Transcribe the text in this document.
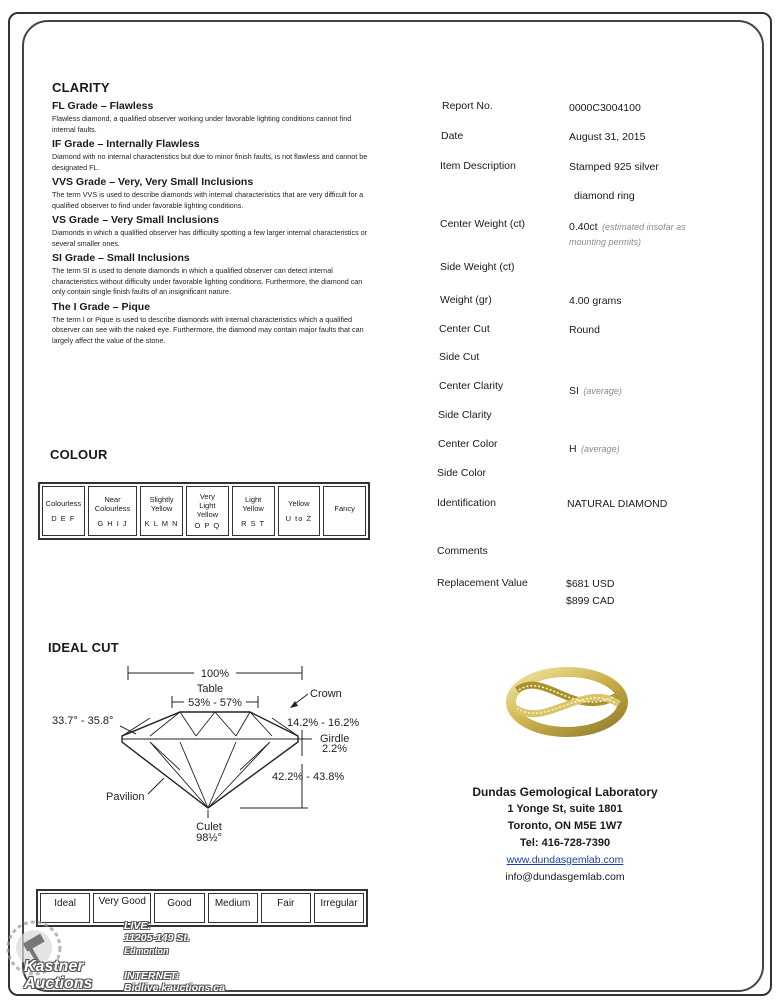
CLARITY

FL Grade – Flawless

Flawless diamond, a qualified observer working under favorable lighting conditions cannot find internal faults.

IF Grade – Internally Flawless

Diamond with no internal characteristics but due to minor finish faults, is not flawless and cannot be designated FL.

VVS Grade – Very, Very Small Inclusions

The term VVS is used to describe diamonds with internal characteristics that are very difficult for a qualified observer to find under favorable lighting conditions.

VS Grade – Very Small Inclusions

Diamonds in which a qualified observer has difficulty spotting a few larger internal characteristics or several smaller ones.

SI Grade – Small Inclusions

The term SI is used to denote diamonds in which a qualified observer can detect internal characteristics without difficulty under favorable lighting conditions. Furthermore, the diamond can only contain single finish faults of an insignificant nature.

The I Grade – Pique

The term I or Pique is used to describe diamonds with internal characteristics which a qualified observer can see with the naked eye. Furthermore, the diamond may contain major faults that can largely affect the value of the stone.

COLOUR
Colourless
D E F
Near Colourless
G H I J
Slightly Yellow
K L M N
Very Light Yellow
O P Q
Light Yellow
R S T
Yellow
U to Z
Fancy
IDEAL CUT
100%
Table
53% - 57%
Crown
33.7° - 35.8°	14.2% - 16.2%
Girdle
2.2%
42.2% - 43.8%
Pavilion
Culet
98½°
Ideal	Very Good	Good	Medium	Fair	Irregular
Report No.	0000C3004100
Date	August 31, 2015
Item Description	Stamped 925 silver
diamond ring
Center Weight (ct)	0.40ct (estimated insofar as mounting permits)
Side Weight (ct)
Weight (gr)	4.00 grams
Center Cut	Round
Side Cut
Center Clarity	SI (average)
Side Clarity
Center Color	H (average)
Side Color
Identification	NATURAL DIAMOND
Comments
Replacement Value	$681 USD
$899 CAD
Dundas Gemological Laboratory
1 Yonge St, suite 1801
Toronto, ON M5E 1W7
Tel: 416-728-7390
www.dundasgemlab.com
info@dundasgemlab.com
Kastner Auctions
LIVE:
11205-149 St.
Edmonton
INTERNET:
Bidlive.kauctions.ca
